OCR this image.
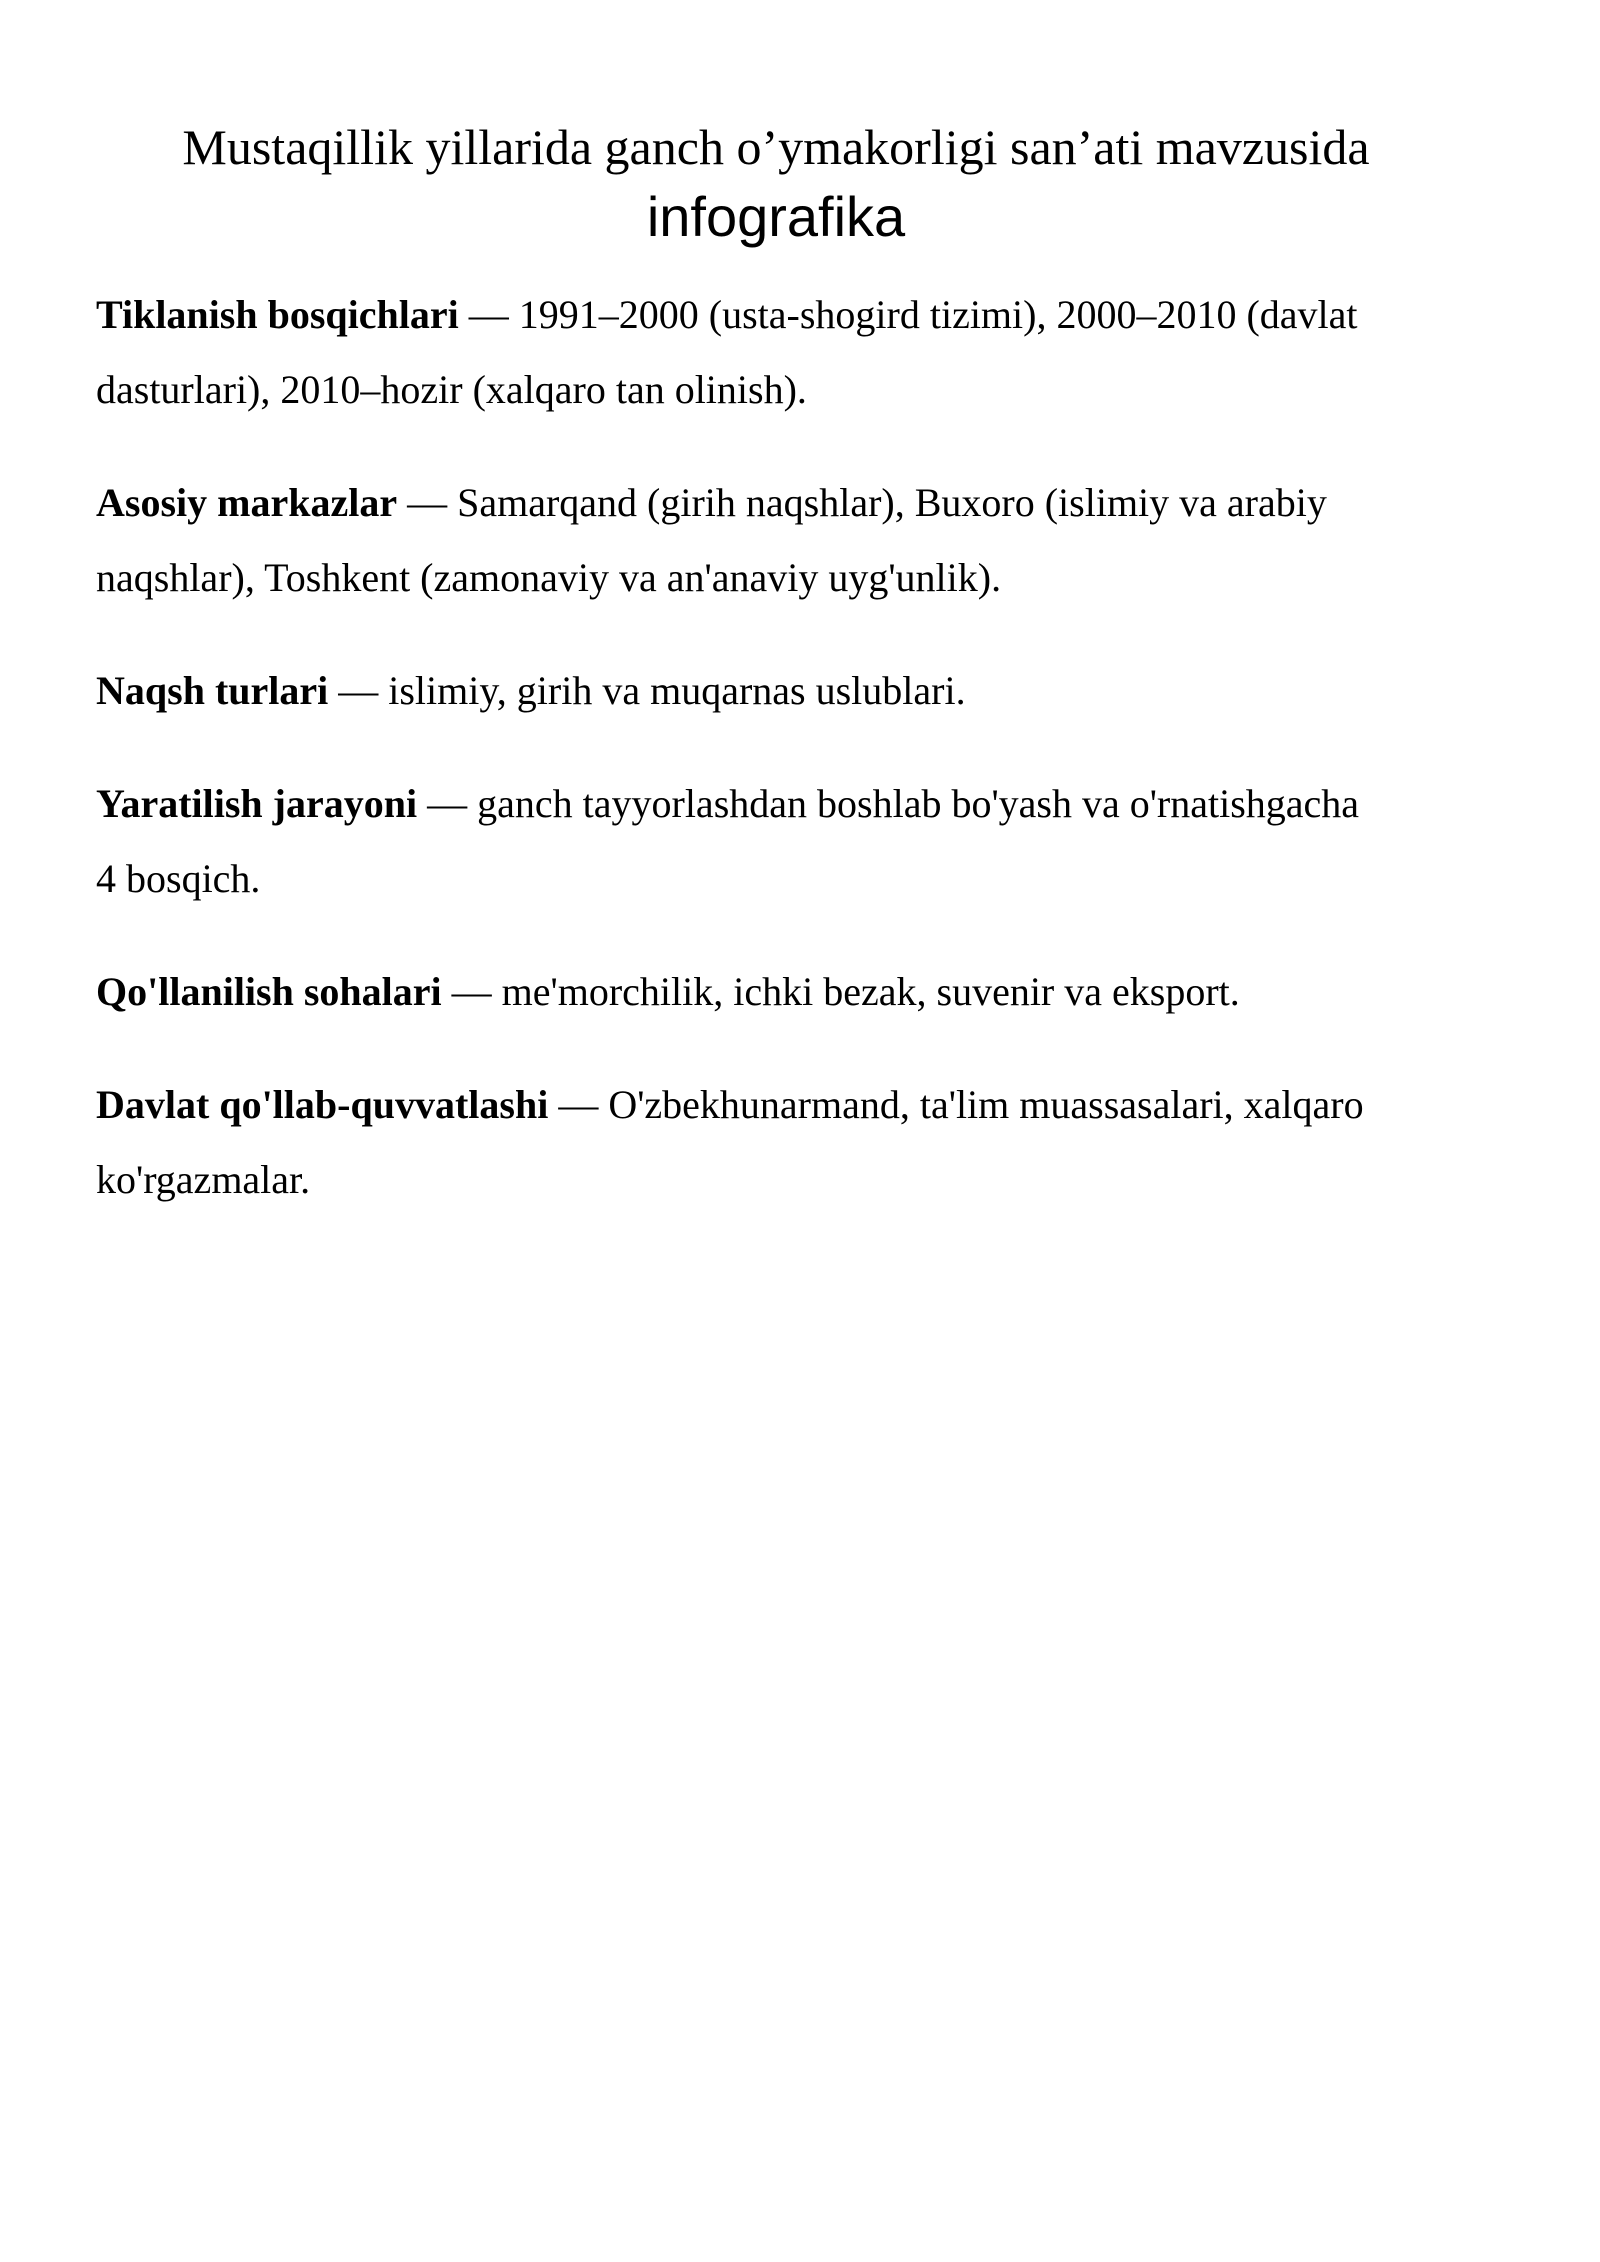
Mustaqillik yillarida ganch o’ymakorligi san’ati mavzusida
infografika

Tiklanish bosqichlari — 1991–2000 (usta-shogird tizimi), 2000–2010 (davlat dasturlari), 2010–hozir (xalqaro tan olinish).

Asosiy markazlar — Samarqand (girih naqshlar), Buxoro (islimiy va arabiy naqshlar), Toshkent (zamonaviy va an'anaviy uyg'unlik).

Naqsh turlari — islimiy, girih va muqarnas uslublari.

Yaratilish jarayoni — ganch tayyorlashdan boshlab bo'yash va o'rnatishgacha 4 bosqich.

Qo'llanilish sohalari — me'morchilik, ichki bezak, suvenir va eksport.

Davlat qo'llab-quvvatlashi — O'zbekhunarmand, ta'lim muassasalari, xalqaro ko'rgazmalar.
